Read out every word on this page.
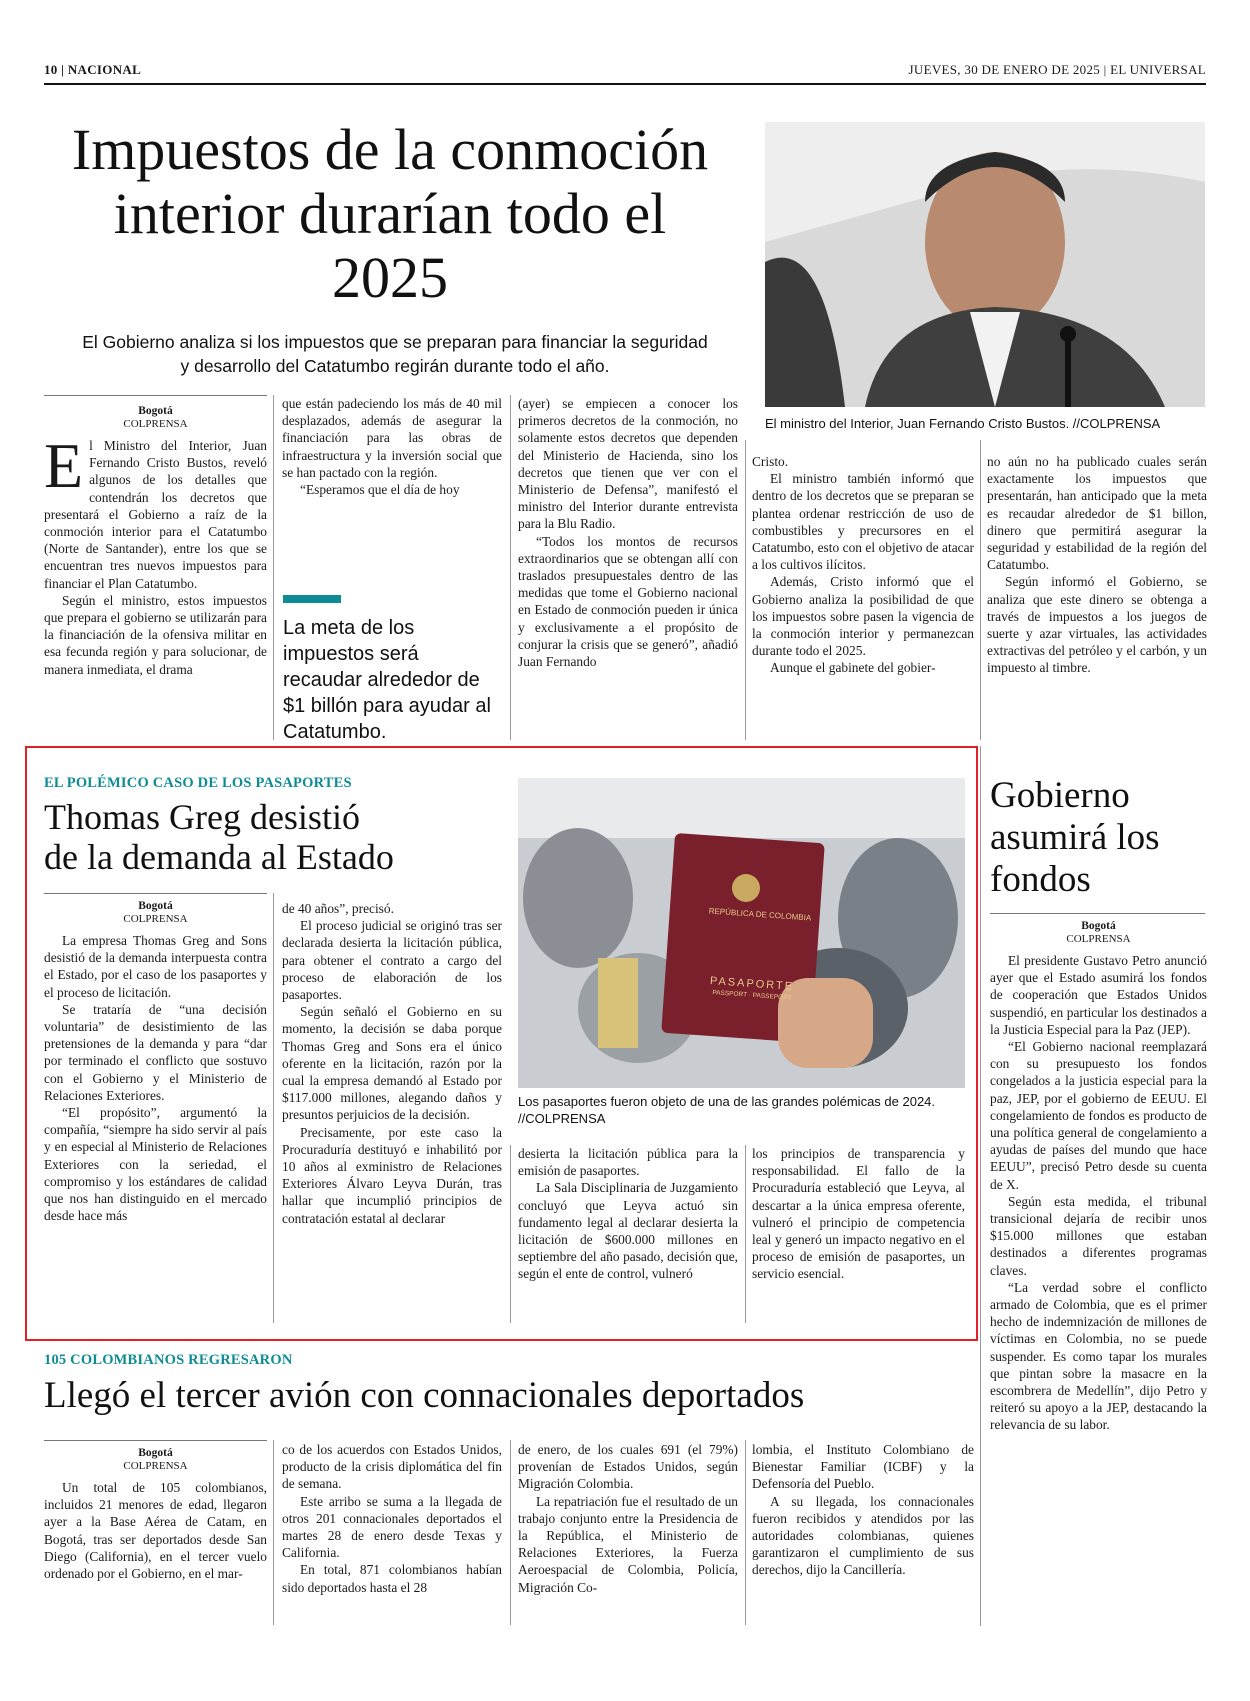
10 | NACIONAL	JUEVES, 30 DE ENERO DE 2025 | EL UNIVERSAL
Impuestos de la conmoción interior durarían todo el 2025
El Gobierno analiza si los impuestos que se preparan para financiar la seguridad y desarrollo del Catatumbo regirán durante todo el año.
El ministro del Interior, Juan Fernando Cristo Bustos. //COLPRENSA
Bogotá
COLPRENSA

El Ministro del Interior, Juan Fernando Cristo Bustos, reveló algunos de los detalles que contendrán los decretos que presentará el Gobierno a raíz de la conmoción interior para el Catatumbo (Norte de Santander), entre los que se encuentran tres nuevos impuestos para financiar el Plan Catatumbo.

Según el ministro, estos impuestos que prepara el gobierno se utilizarán para la financiación de la ofensiva militar en esa fecunda región y para solucionar, de manera inmediata, el drama

que están padeciendo los más de 40 mil desplazados, además de asegurar la financiación para las obras de infraestructura y la inversión social que se han pactado con la región.

“Esperamos que el día de hoy

La meta de los impuestos será recaudar alrededor de $1 billón para ayudar al Catatumbo.

(ayer) se empiecen a conocer los primeros decretos de la conmoción, no solamente estos decretos que dependen del Ministerio de Hacienda, sino los decretos que tienen que ver con el Ministerio de Defensa”, manifestó el ministro del Interior durante entrevista para la Blu Radio.

“Todos los montos de recursos extraordinarios que se obtengan allí con traslados presupuestales dentro de las medidas que tome el Gobierno nacional en Estado de conmoción pueden ir única y exclusivamente a el propósito de conjurar la crisis que se generó”, añadió Juan Fernando

Cristo.

El ministro también informó que dentro de los decretos que se preparan se plantea ordenar restricción de uso de combustibles y precursores en el Catatumbo, esto con el objetivo de atacar a los cultivos ilícitos.

Además, Cristo informó que el Gobierno analiza la posibilidad de que los impuestos sobre pasen la vigencia de la conmoción interior y permanezcan durante todo el 2025.

Aunque el gabinete del gobier-

no aún no ha publicado cuales serán exactamente los impuestos que presentarán, han anticipado que la meta es recaudar alrededor de $1 billon, dinero que permitirá asegurar la seguridad y estabilidad de la región del Catatumbo.

Según informó el Gobierno, se analiza que este dinero se obtenga a través de impuestos a los juegos de suerte y azar virtuales, las actividades extractivas del petróleo y el carbón, y un impuesto al timbre.

EL POLÉMICO CASO DE LOS PASAPORTES
Thomas Greg desistió
de la demanda al Estado
Bogotá
COLPRENSA

La empresa Thomas Greg and Sons desistió de la demanda interpuesta contra el Estado, por el caso de los pasaportes y el proceso de licitación.

Se trataría de “una decisión voluntaria” de desistimiento de las pretensiones de la demanda y para “dar por terminado el conflicto que sostuvo con el Gobierno y el Ministerio de Relaciones Exteriores.

“El propósito”, argumentó la compañía, “siempre ha sido servir al país y en especial al Ministerio de Relaciones Exteriores con la seriedad, el compromiso y los estándares de calidad que nos han distinguido en el mercado desde hace más

de 40 años”, precisó.

El proceso judicial se originó tras ser declarada desierta la licitación pública, para obtener el contrato a cargo del proceso de elaboración de los pasaportes.

Según señaló el Gobierno en su momento, la decisión se daba porque Thomas Greg and Sons era el único oferente en la licitación, razón por la cual la empresa demandó al Estado por $117.000 millones, alegando daños y presuntos perjuicios de la decisión.

Precisamente, por este caso la Procuraduría destituyó e inhabilitó por 10 años al exministro de Relaciones Exteriores Álvaro Leyva Durán, tras hallar que incumplió principios de contratación estatal al declarar

REPÚBLICA DE COLOMBIA
PASAPORTE
PASSPORT · PASSEPORT
Los pasaportes fueron objeto de una de las grandes polémicas de 2024. //COLPRENSA

desierta la licitación pública para la emisión de pasaportes.

La Sala Disciplinaria de Juzgamiento concluyó que Leyva actuó sin fundamento legal al declarar desierta la licitación de $600.000 millones en septiembre del año pasado, decisión que, según el ente de control, vulneró

los principios de transparencia y responsabilidad. El fallo de la Procuraduría estableció que Leyva, al descartar a la única empresa oferente, vulneró el principio de competencia leal y generó un impacto negativo en el proceso de emisión de pasaportes, un servicio esencial.

Gobierno asumirá los fondos
Bogotá
COLPRENSA

El presidente Gustavo Petro anunció ayer que el Estado asumirá los fondos de cooperación que Estados Unidos suspendió, en particular los destinados a la Justicia Especial para la Paz (JEP).

“El Gobierno nacional reemplazará con su presupuesto los fondos congelados a la justicia especial para la paz, JEP, por el gobierno de EEUU. El congelamiento de fondos es producto de una política general de congelamiento a ayudas de países del mundo que hace EEUU”, precisó Petro desde su cuenta de X.

Según esta medida, el tribunal transicional dejaría de recibir unos $15.000 millones que estaban destinados a diferentes programas claves.

“La verdad sobre el conflicto armado de Colombia, que es el primer hecho de indemnización de millones de víctimas en Colombia, no se puede suspender. Es como tapar los murales que pintan sobre la masacre en la escombrera de Medellín”, dijo Petro y reiteró su apoyo a la JEP, destacando la relevancia de su labor.

105 COLOMBIANOS REGRESARON
Llegó el tercer avión con connacionales deportados
Bogotá
COLPRENSA

Un total de 105 colombianos, incluidos 21 menores de edad, llegaron ayer a la Base Aérea de Catam, en Bogotá, tras ser deportados desde San Diego (California), en el tercer vuelo ordenado por el Gobierno, en el mar-

co de los acuerdos con Estados Unidos, producto de la crisis diplomática del fin de semana.

Este arribo se suma a la llegada de otros 201 connacionales deportados el martes 28 de enero desde Texas y California.

En total, 871 colombianos habían sido deportados hasta el 28

de enero, de los cuales 691 (el 79%) provenían de Estados Unidos, según Migración Colombia.

La repatriación fue el resultado de un trabajo conjunto entre la Presidencia de la República, el Ministerio de Relaciones Exteriores, la Fuerza Aeroespacial de Colombia, Policía, Migración Co-

lombia, el Instituto Colombiano de Bienestar Familiar (ICBF) y la Defensoría del Pueblo.

A su llegada, los connacionales fueron recibidos y atendidos por las autoridades colombianas, quienes garantizaron el cumplimiento de sus derechos, dijo la Cancillería.
